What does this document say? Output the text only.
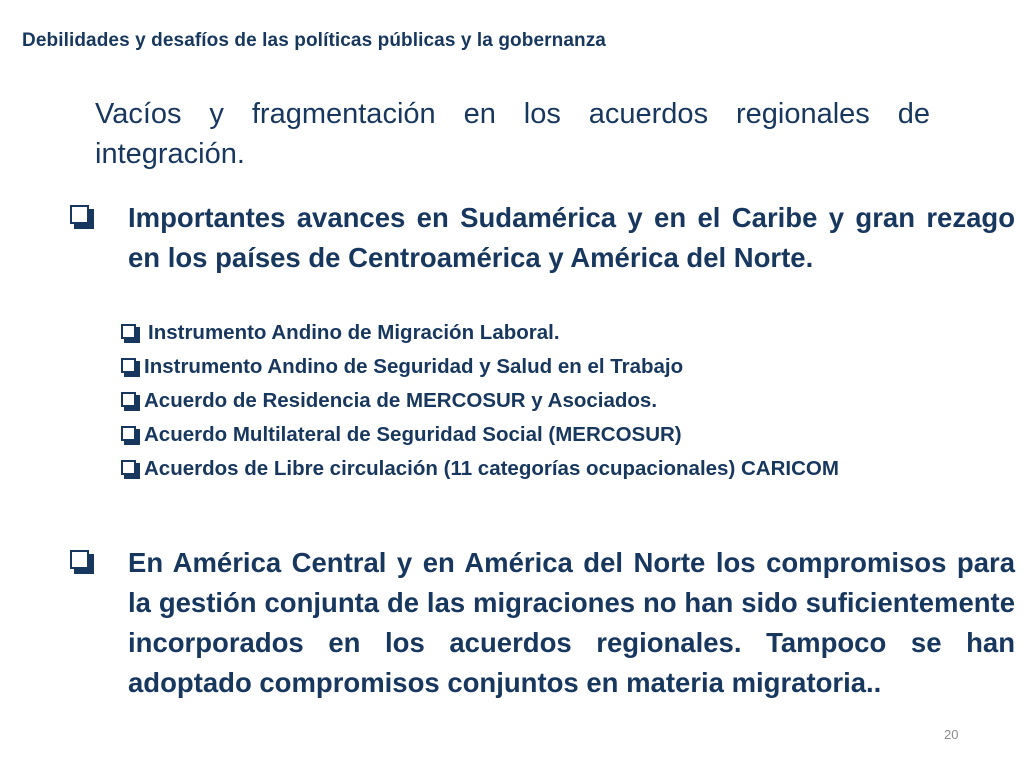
Debilidades y desafíos de las políticas públicas y la gobernanza
Vacíos y fragmentación en los acuerdos regionales de integración.
Importantes avances en Sudamérica y en el Caribe y gran rezago en los países de Centroamérica y América del Norte.
Instrumento Andino de Migración Laboral.
Instrumento Andino de Seguridad y Salud en el Trabajo
Acuerdo de Residencia de MERCOSUR y Asociados.
Acuerdo Multilateral de Seguridad Social (MERCOSUR)
Acuerdos de Libre circulación (11 categorías ocupacionales) CARICOM
En América Central y en América del Norte los compromisos para la gestión conjunta de las migraciones no han sido suficientemente incorporados en los acuerdos regionales. Tampoco se han adoptado compromisos conjuntos en materia migratoria..
20
